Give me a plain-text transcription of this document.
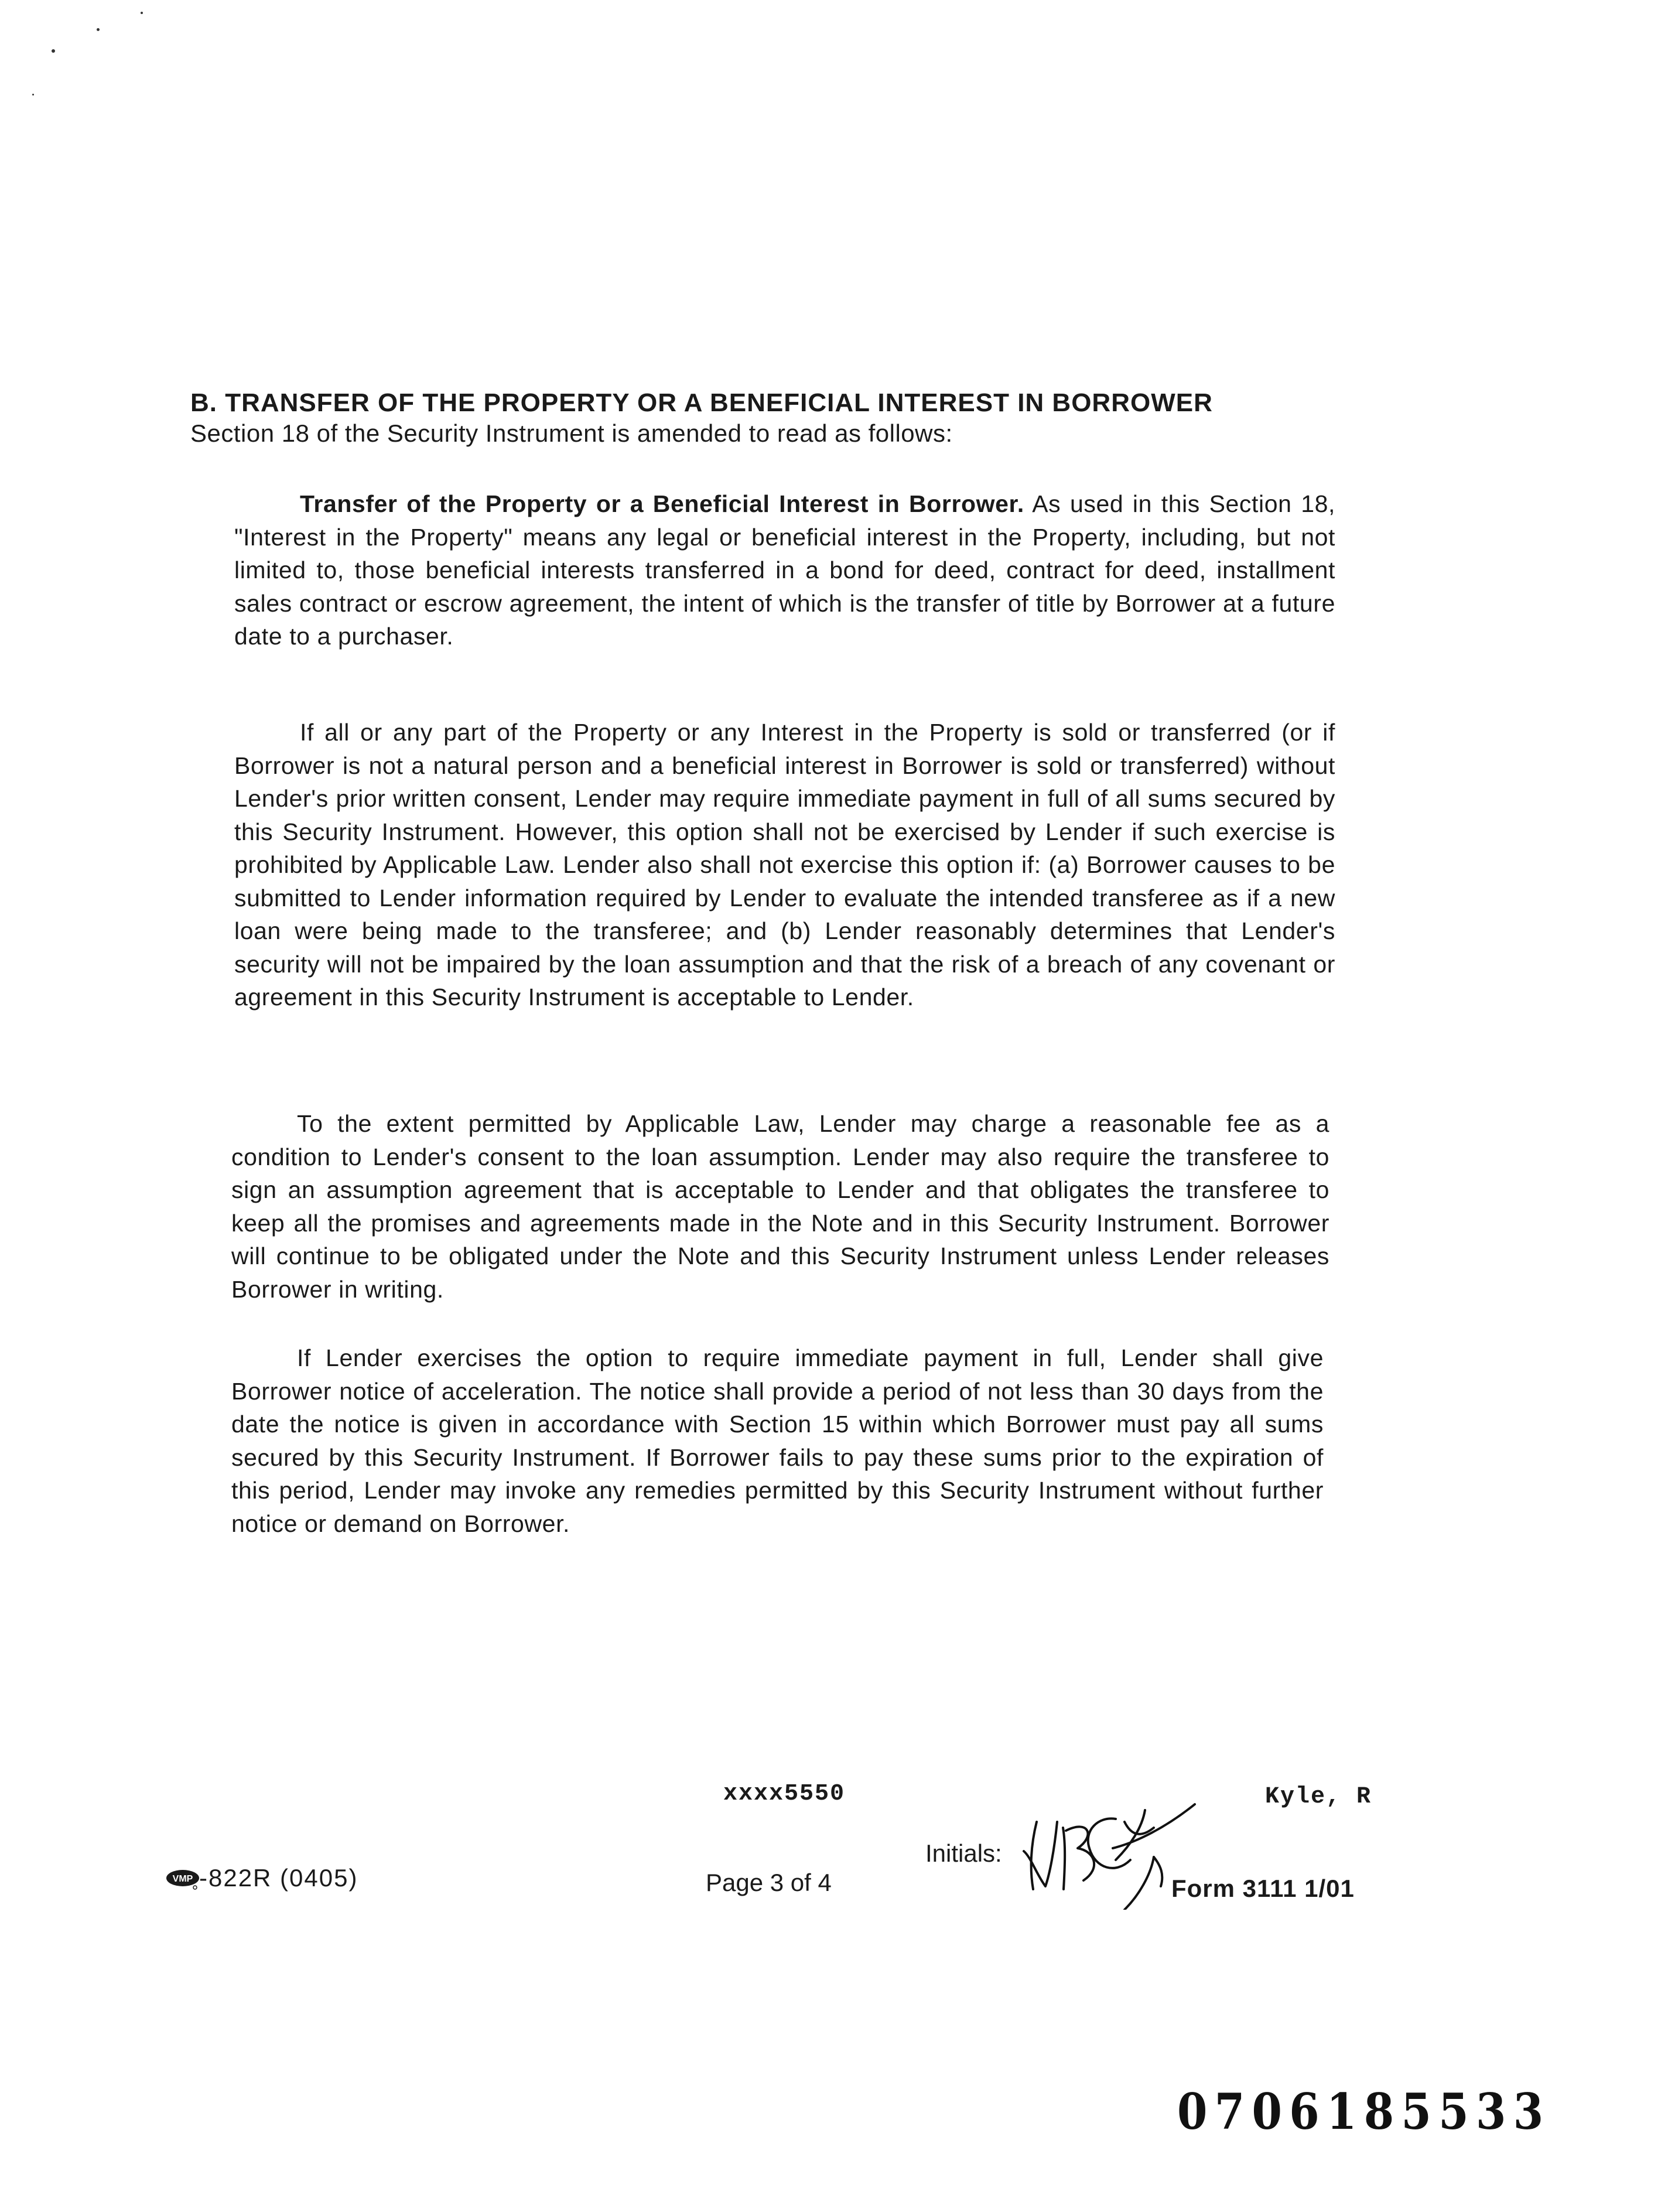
B. TRANSFER OF THE PROPERTY OR A BENEFICIAL INTEREST IN BORROWER
Section 18 of the Security Instrument is amended to read as follows:

Transfer of the Property or a Beneficial Interest in Borrower. As used in this Section 18, "Interest in the Property" means any legal or beneficial interest in the Property, including, but not limited to, those beneficial interests transferred in a bond for deed, contract for deed, installment sales contract or escrow agreement, the intent of which is the transfer of title by Borrower at a future date to a purchaser.

If all or any part of the Property or any Interest in the Property is sold or transferred (or if Borrower is not a natural person and a beneficial interest in Borrower is sold or transferred) without Lender's prior written consent, Lender may require immediate payment in full of all sums secured by this Security Instrument. However, this option shall not be exercised by Lender if such exercise is prohibited by Applicable Law. Lender also shall not exercise this option if: (a) Borrower causes to be submitted to Lender information required by Lender to evaluate the intended transferee as if a new loan were being made to the transferee; and (b) Lender reasonably determines that Lender's security will not be impaired by the loan assumption and that the risk of a breach of any covenant or agreement in this Security Instrument is acceptable to Lender.

To the extent permitted by Applicable Law, Lender may charge a reasonable fee as a condition to Lender's consent to the loan assumption. Lender may also require the transferee to sign an assumption agreement that is acceptable to Lender and that obligates the transferee to keep all the promises and agreements made in the Note and in this Security Instrument. Borrower will continue to be obligated under the Note and this Security Instrument unless Lender releases Borrower in writing.

If Lender exercises the option to require immediate payment in full, Lender shall give Borrower notice of acceleration. The notice shall provide a period of not less than 30 days from the date the notice is given in accordance with Section 15 within which Borrower must pay all sums secured by this Security Instrument. If Borrower fails to pay these sums prior to the expiration of this period, Lender may invoke any remedies permitted by this Security Instrument without further notice or demand on Borrower.

xxxx5550	Kyle, R
Initials:
Page 3 of 4
VMP -822R (0405)	Form 3111 1/01
0706185533
